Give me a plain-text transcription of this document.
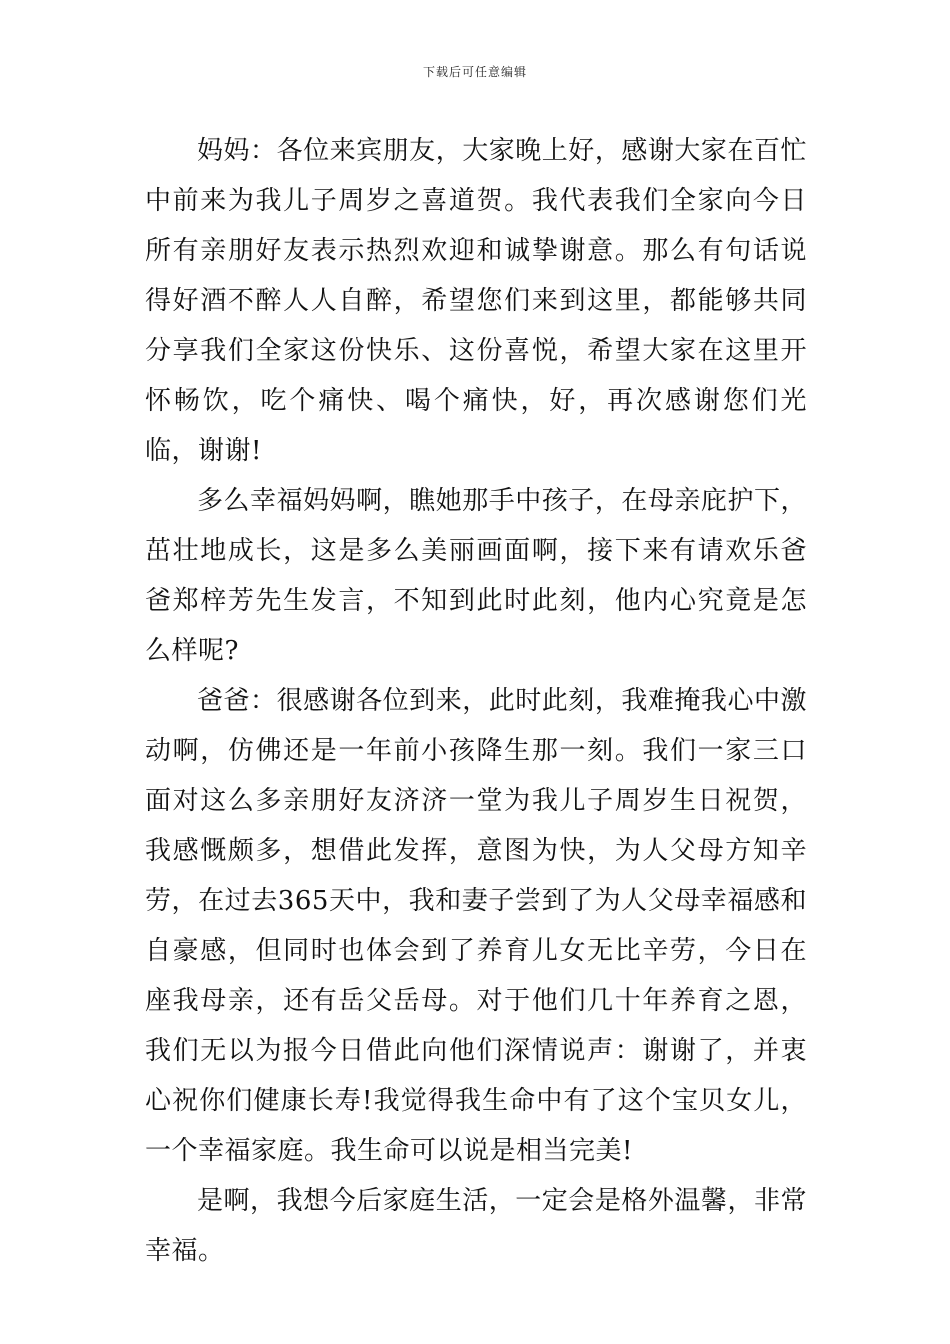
下载后可任意编辑

妈妈：各位来宾朋友，大家晚上好，感谢大家在百忙中前来为我儿子周岁之喜道贺。我代表我们全家向今日所有亲朋好友表示热烈欢迎和诚挚谢意。那么有句话说得好酒不醉人人自醉，希望您们来到这里，都能够共同分享我们全家这份快乐、这份喜悦，希望大家在这里开怀畅饮，吃个痛快、喝个痛快，好，再次感谢您们光临，谢谢!

多么幸福妈妈啊，瞧她那手中孩子，在母亲庇护下，茁壮地成长，这是多么美丽画面啊，接下来有请欢乐爸爸郑梓芳先生发言，不知到此时此刻，他内心究竟是怎么样呢?

爸爸：很感谢各位到来，此时此刻，我难掩我心中激动啊，仿佛还是一年前小孩降生那一刻。我们一家三口面对这么多亲朋好友济济一堂为我儿子周岁生日祝贺，我感慨颇多，想借此发挥，意图为快，为人父母方知辛劳，在过去365天中，我和妻子尝到了为人父母幸福感和自豪感，但同时也体会到了养育儿女无比辛劳，今日在座我母亲，还有岳父岳母。对于他们几十年养育之恩，我们无以为报今日借此向他们深情说声：谢谢了，并衷心祝你们健康长寿!我觉得我生命中有了这个宝贝女儿，一个幸福家庭。我生命可以说是相当完美!

是啊，我想今后家庭生活，一定会是格外温馨，非常幸福。
